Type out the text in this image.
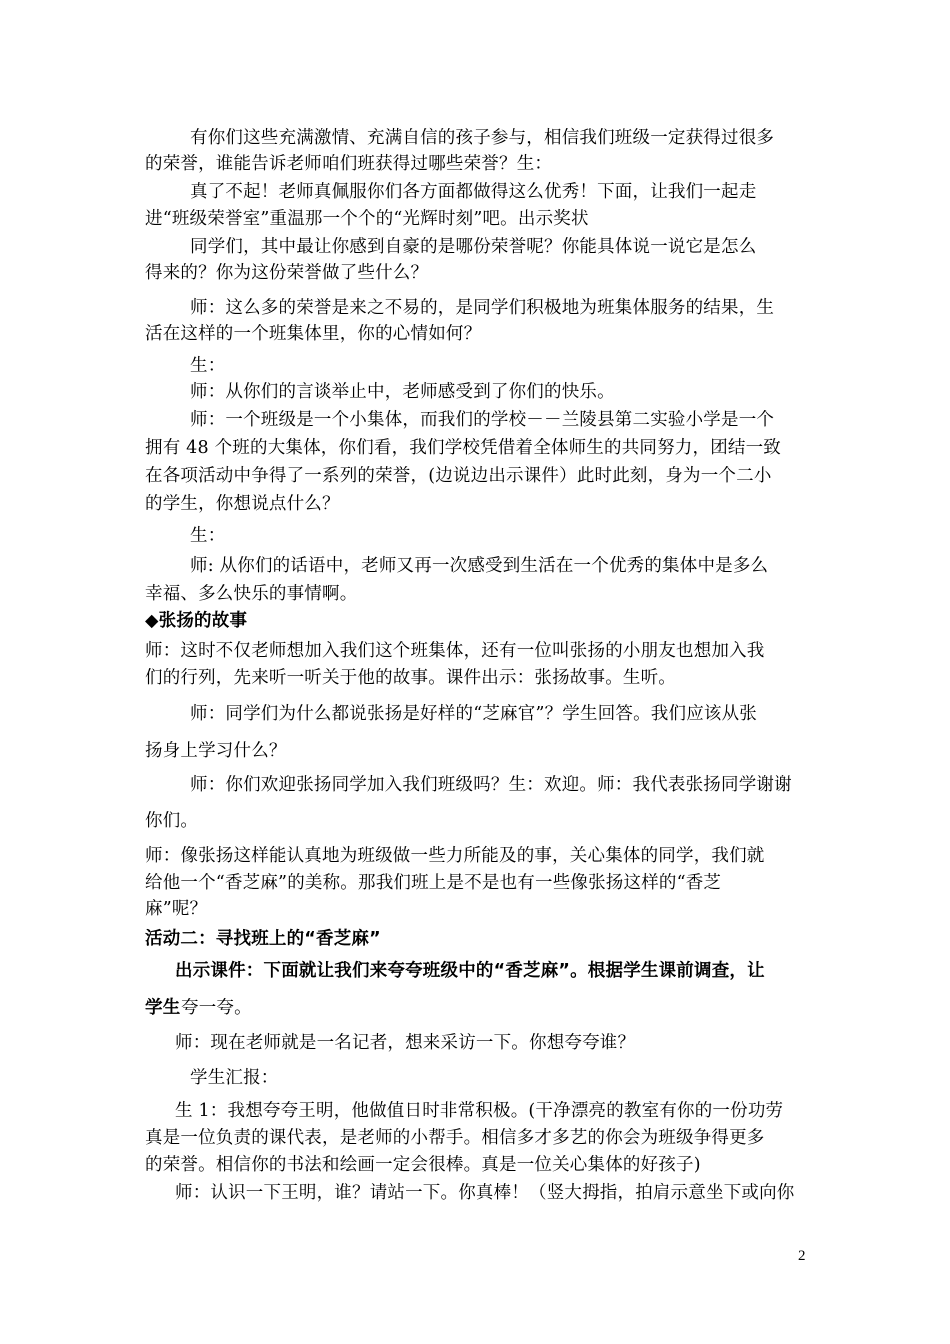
有你们这些充满激情、充满自信的孩子参与，相信我们班级一定获得过很多
的荣誉，谁能告诉老师咱们班获得过哪些荣誉？生：
真了不起！老师真佩服你们各方面都做得这么优秀！下面，让我们一起走
进“班级荣誉室”重温那一个个的“光辉时刻”吧。出示奖状
同学们，其中最让你感到自豪的是哪份荣誉呢？你能具体说一说它是怎么
得来的？你为这份荣誉做了些什么？
师：这么多的荣誉是来之不易的，是同学们积极地为班集体服务的结果，生
活在这样的一个班集体里，你的心情如何？
生：
师：从你们的言谈举止中，老师感受到了你们的快乐。
师：一个班级是一个小集体，而我们的学校－－兰陵县第二实验小学是一个
拥有 48 个班的大集体，你们看，我们学校凭借着全体师生的共同努力，团结一致
在各项活动中争得了一系列的荣誉，(边说边出示课件）此时此刻，身为一个二小
的学生，你想说点什么？
生：
师: 从你们的话语中，老师又再一次感受到生活在一个优秀的集体中是多么
幸福、多么快乐的事情啊。
◆张扬的故事
师：这时不仅老师想加入我们这个班集体，还有一位叫张扬的小朋友也想加入我
们的行列，先来听一听关于他的故事。课件出示：张扬故事。生听。
师：同学们为什么都说张扬是好样的“芝麻官”？学生回答。我们应该从张
扬身上学习什么？
师：你们欢迎张扬同学加入我们班级吗？生：欢迎。师：我代表张扬同学谢谢
你们。
师：像张扬这样能认真地为班级做一些力所能及的事，关心集体的同学，我们就
给他一个“香芝麻”的美称。那我们班上是不是也有一些像张扬这样的“香芝
麻”呢？
活动二：寻找班上的“香芝麻”
出示课件：下面就让我们来夸夸班级中的“香芝麻”。根据学生课前调查，让
学生 夸一夸。
师：现在老师就是一名记者，想来采访一下。你想夸夸谁？
学生汇报：
生 1：我想夸夸王明，他做值日时非常积极。(干净漂亮的教室有你的一份功劳
真是一位负责的课代表，是老师的小帮手。相信多才多艺的你会为班级争得更多
的荣誉。相信你的书法和绘画一定会很棒。真是一位关心集体的好孩子)
师：认识一下王明，谁？请站一下。你真棒！（竖大拇指，拍肩示意坐下或向你
2
